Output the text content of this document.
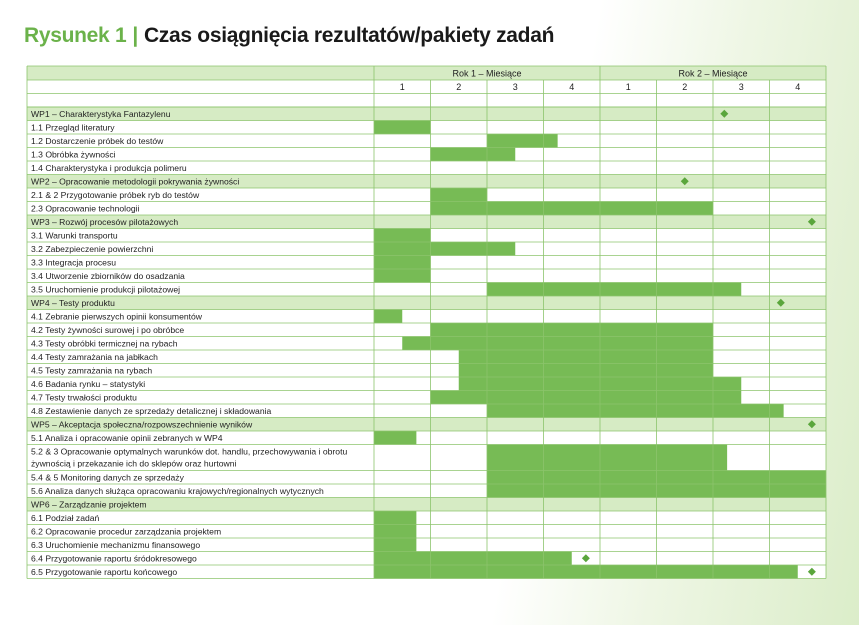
Rysunek 1 | Czas osiągnięcia rezultatów/pakiety zadań
Rok 1 – Miesiące	Rok 2 – Miesiące
1	2	3	4	1	2	3	4
WP1 – Charakterystyka Fantazylenu
1.1 Przegląd literatury
1.2 Dostarczenie próbek do testów
1.3 Obróbka żywności
1.4 Charakterystyka i produkcja polimeru
WP2 – Opracowanie metodologii pokrywania żywności
2.1 & 2 Przygotowanie próbek ryb do testów
2.3 Opracowanie technologii
WP3 – Rozwój procesów pilotażowych
3.1 Warunki transportu
3.2 Zabezpieczenie powierzchni
3.3 Integracja procesu
3.4 Utworzenie zbiorników do osadzania
3.5 Uruchomienie produkcji pilotażowej
WP4 – Testy produktu
4.1 Zebranie pierwszych opinii konsumentów
4.2 Testy żywności surowej i po obróbce
4.3 Testy obróbki termicznej na rybach
4.4 Testy zamrażania na jabłkach
4.5 Testy zamrażania na rybach
4.6 Badania rynku – statystyki
4.7 Testy trwałości produktu
4.8 Zestawienie danych ze sprzedaży detalicznej i składowania
WP5 – Akceptacja społeczna/rozpowszechnienie wyników
5.1 Analiza i opracowanie opinii zebranych w WP4
5.2 & 3 Opracowanie optymalnych warunków dot. handlu, przechowywania i obrotu żywnością i przekazanie ich do sklepów oraz hurtowni
5.4 & 5 Monitoring danych ze sprzedaży
5.6 Analiza danych służąca opracowaniu krajowych/regionalnych wytycznych
WP6 – Zarządzanie projektem
6.1 Podział zadań
6.2 Opracowanie procedur zarządzania projektem
6.3 Uruchomienie mechanizmu finansowego
6.4 Przygotowanie raportu śródokresowego
6.5 Przygotowanie raportu końcowego
